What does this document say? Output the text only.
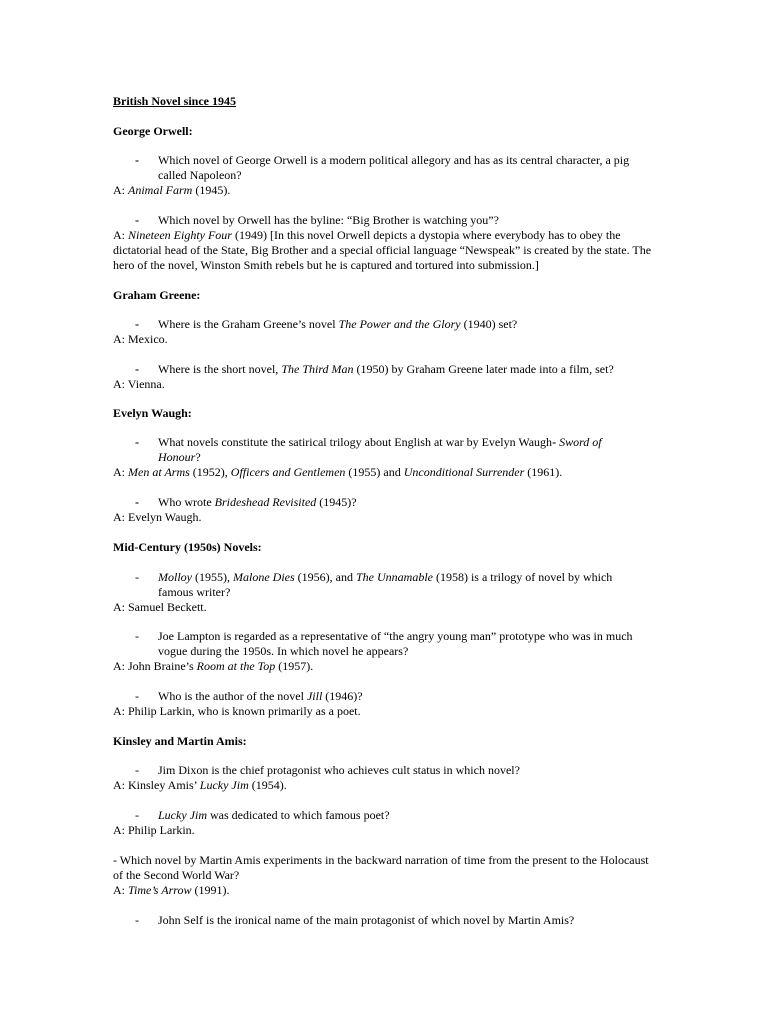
British Novel since 1945

George Orwell:

-	Which novel of George Orwell is a modern political allegory and has as its central character, a pig called Napoleon?
A: Animal Farm (1945).
-	Which novel by Orwell has the byline: “Big Brother is watching you”?
A: Nineteen Eighty Four (1949) [In this novel Orwell depicts a dystopia where everybody has to obey the dictatorial head of the State, Big Brother and a special official language “Newspeak” is created by the state. The hero of the novel, Winston Smith rebels but he is captured and tortured into submission.]

Graham Greene:

-	Where is the Graham Greene’s novel The Power and the Glory (1940) set?
A: Mexico.
-	Where is the short novel, The Third Man (1950) by Graham Greene later made into a film, set?
A: Vienna.

Evelyn Waugh:

-	What novels constitute the satirical trilogy about English at war by Evelyn Waugh- Sword of Honour?
A: Men at Arms (1952), Officers and Gentlemen (1955) and Unconditional Surrender (1961).
-	Who wrote Brideshead Revisited (1945)?
A: Evelyn Waugh.

Mid-Century (1950s) Novels:

-	Molloy (1955), Malone Dies (1956), and The Unnamable (1958) is a trilogy of novel by which famous writer?
A: Samuel Beckett.
-	Joe Lampton is regarded as a representative of “the angry young man” prototype who was in much vogue during the 1950s. In which novel he appears?
A: John Braine’s Room at the Top (1957).
-	Who is the author of the novel Jill (1946)?
A: Philip Larkin, who is known primarily as a poet.

Kinsley and Martin Amis:

-	Jim Dixon is the chief protagonist who achieves cult status in which novel?
A: Kinsley Amis’ Lucky Jim (1954).
-	Lucky Jim was dedicated to which famous poet?
A: Philip Larkin.
- Which novel by Martin Amis experiments in the backward narration of time from the present to the Holocaust of the Second World War?
A: Time’s Arrow (1991).
-	John Self is the ironical name of the main protagonist of which novel by Martin Amis?
